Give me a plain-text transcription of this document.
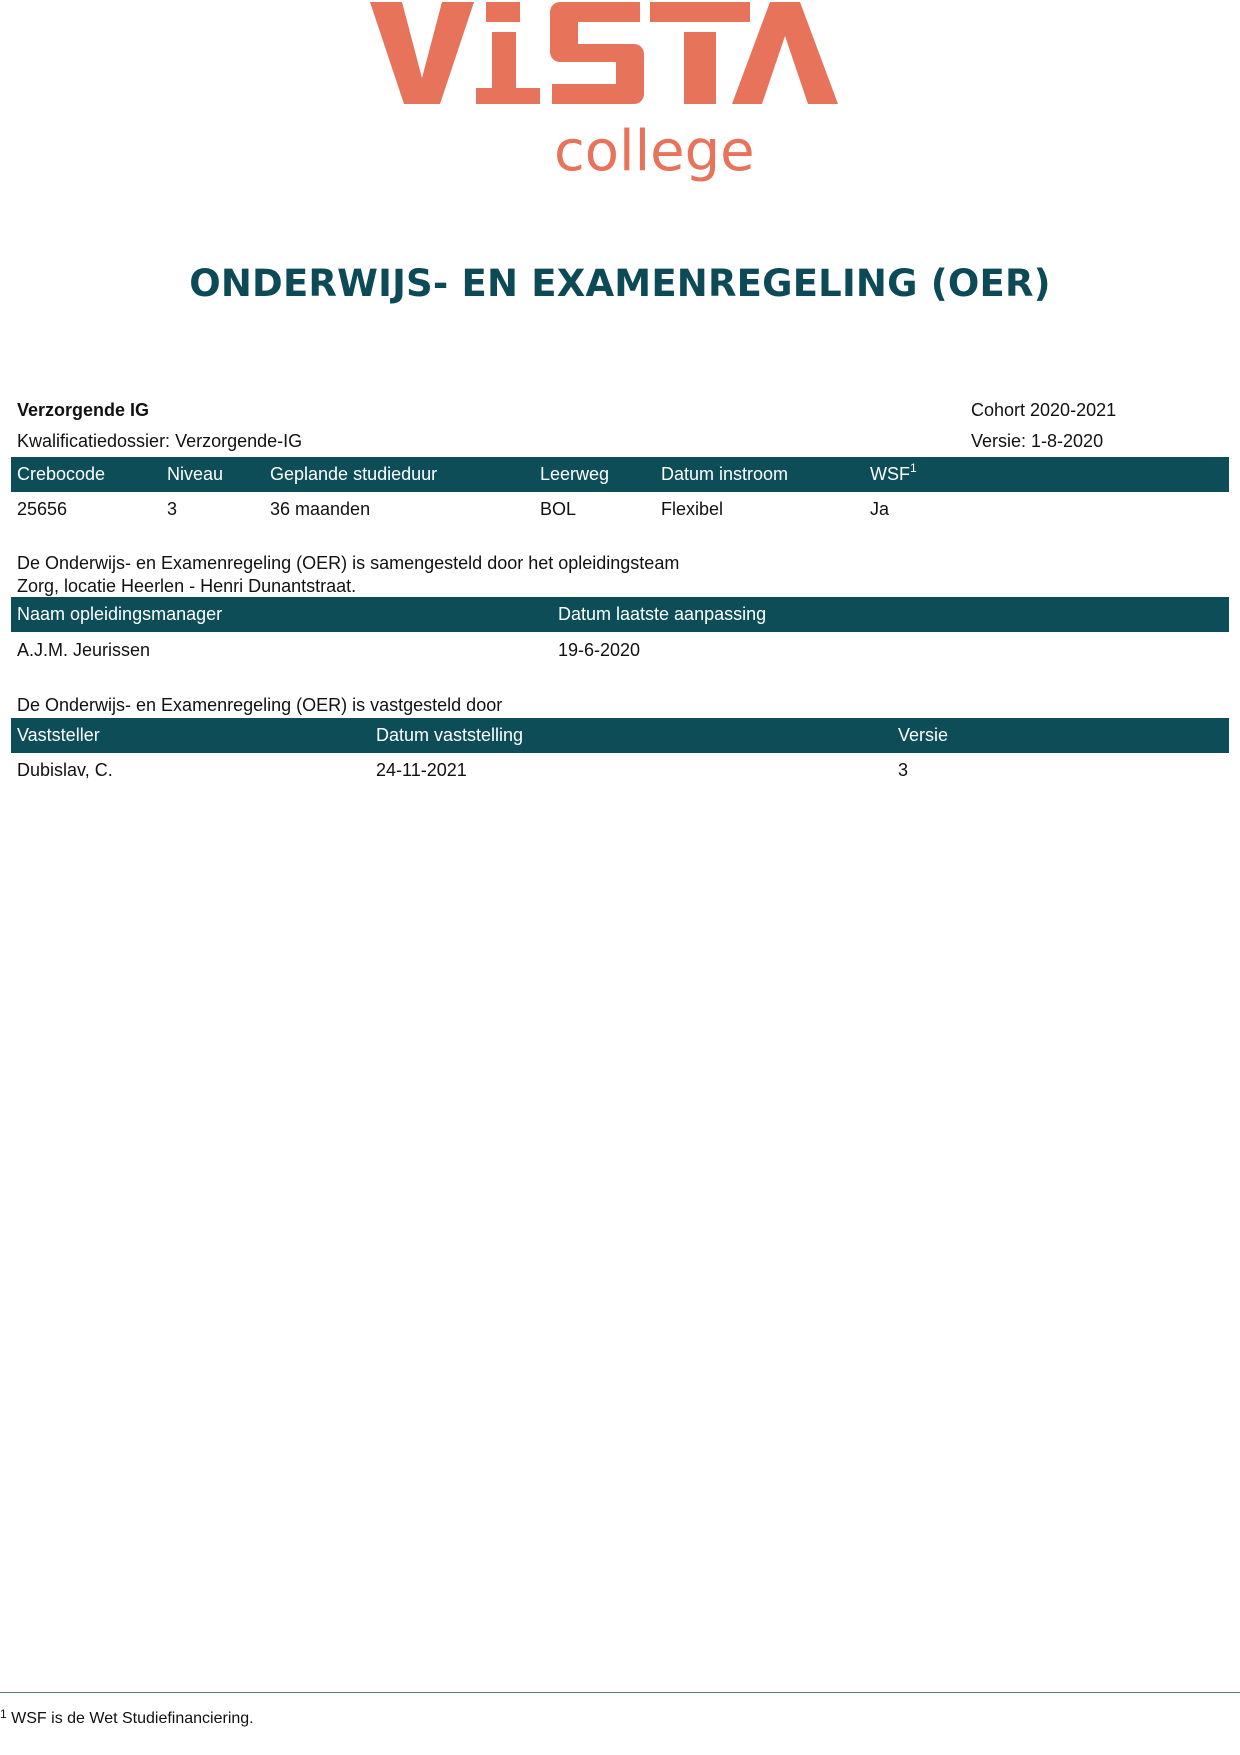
college
ONDERWIJS- EN EXAMENREGELING (OER)
Verzorgende IG	Cohort 2020-2021
Kwalificatiedossier: Verzorgende-IG	Versie: 1-8-2020
Crebocode	Niveau	Geplande studieduur	Leerweg	Datum instroom	WSF$^1$
25656	3	36 maanden	BOL	Flexibel	Ja
De Onderwijs- en Examenregeling (OER) is samengesteld door het opleidingsteam
Zorg, locatie Heerlen - Henri Dunantstraat.
Naam opleidingsmanager	Datum laatste aanpassing
A.J.M. Jeurissen	19-6-2020
De Onderwijs- en Examenregeling (OER) is vastgesteld door
Vaststeller	Datum vaststelling	Versie
Dubislav, C.	24-11-2021	3
$^1$ WSF is de Wet Studiefinanciering.
